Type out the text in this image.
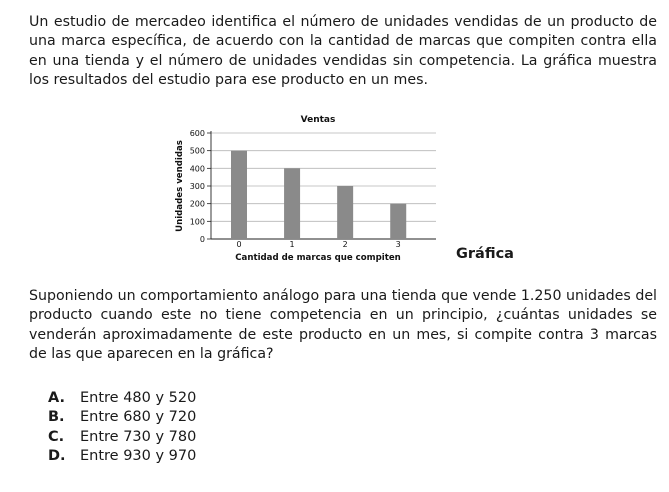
Un estudio de mercadeo identifica el número de unidades vendidas de un producto de una marca específica, de acuerdo con la cantidad de marcas que compiten contra ella en una tienda y el número de unidades vendidas sin competencia. La gráfica muestra los resultados del estudio para ese producto en un mes.

Ventas
0
100
200
300
400
500
600
0	1	2	3
Cantidad de marcas que compiten
Unidades vendidas
Gráfica

Suponiendo un comportamiento análogo para una tienda que vende 1.250 unidades del producto cuando este no tiene competencia en un principio, ¿cuántas unidades se venderán aproximadamente de este producto en un mes, si compite contra 3 marcas de las que aparecen en la gráfica?

A. Entre 480 y 520
B. Entre 680 y 720
C. Entre 730 y 780
D. Entre 930 y 970
